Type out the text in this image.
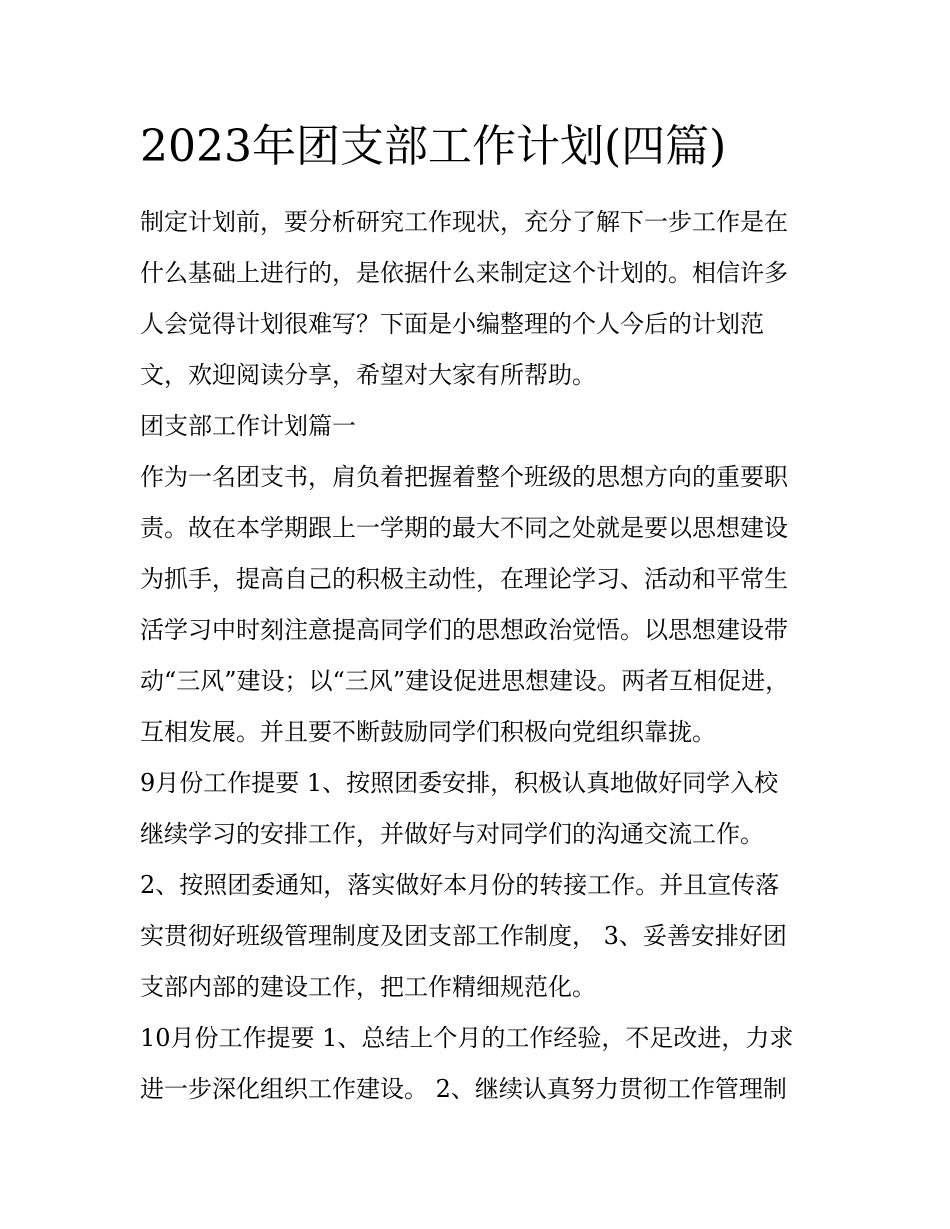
2023年团支部工作计划(四篇)

制定计划前，要分析研究工作现状，充分了解下一步工作是在

什么基础上进行的，是依据什么来制定这个计划的。相信许多

人会觉得计划很难写？下面是小编整理的个人今后的计划范

文，欢迎阅读分享，希望对大家有所帮助。

团支部工作计划篇一

作为一名团支书，肩负着把握着整个班级的思想方向的重要职

责。故在本学期跟上一学期的最大不同之处就是要以思想建设

为抓手，提高自己的积极主动性，在理论学习、活动和平常生

活学习中时刻注意提高同学们的思想政治觉悟。以思想建设带

动“三风”建设；以“三风”建设促进思想建设。两者互相促进，

互相发展。并且要不断鼓励同学们积极向党组织靠拢。

9月份工作提要 1、按照团委安排，积极认真地做好同学入校

继续学习的安排工作，并做好与对同学们的沟通交流工作。

2、按照团委通知，落实做好本月份的转接工作。并且宣传落

实贯彻好班级管理制度及团支部工作制度， 3、妥善安排好团

支部内部的建设工作，把工作精细规范化。

10月份工作提要 1、总结上个月的工作经验，不足改进，力求

进一步深化组织工作建设。 2、继续认真努力贯彻工作管理制
